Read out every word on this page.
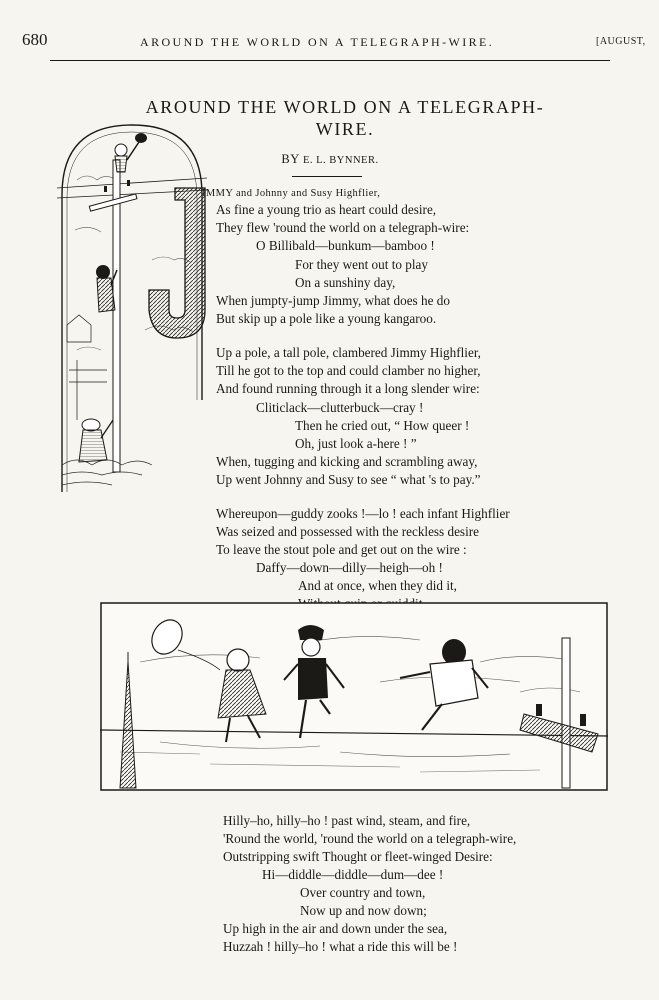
680	AROUND THE WORLD ON A TELEGRAPH-WIRE.	[AUGUST,
AROUND THE WORLD ON A TELEGRAPH-
WIRE.
BY E. L. BYNNER.
IMMY and Johnny and Susy Highflier,
As fine a young trio as heart could desire,
They flew 'round the world on a telegraph-wire:
O Billibald—bunkum—bamboo !
For they went out to play
On a sunshiny day,
When jumpty-jump Jimmy, what does he do
But skip up a pole like a young kangaroo.
Up a pole, a tall pole, clambered Jimmy Highflier,
Till he got to the top and could clamber no higher,
And found running through it a long slender wire:
Cliticlack—clutterbuck—cray !
Then he cried out, “ How queer !
Oh, just look a-here ! ”
When, tugging and kicking and scrambling away,
Up went Johnny and Susy to see “ what 's to pay.”
Whereupon—guddy zooks !—lo ! each infant Highflier
Was seized and possessed with the reckless desire
To leave the stout pole and get out on the wire :
Daffy—down—dilly—heigh—oh !
And at once, when they did it,
Hilly–ho, hilly–ho ! past wind, steam, and fire,
'Round the world, 'round the world on a telegraph-wire,
Outstripping swift Thought or fleet-winged Desire:
Hi—diddle—diddle—dum—dee !
Over country and town,
Now up and now down;
Up high in the air and down under the sea,
Huzzah ! hilly–ho ! what a ride this will be !
